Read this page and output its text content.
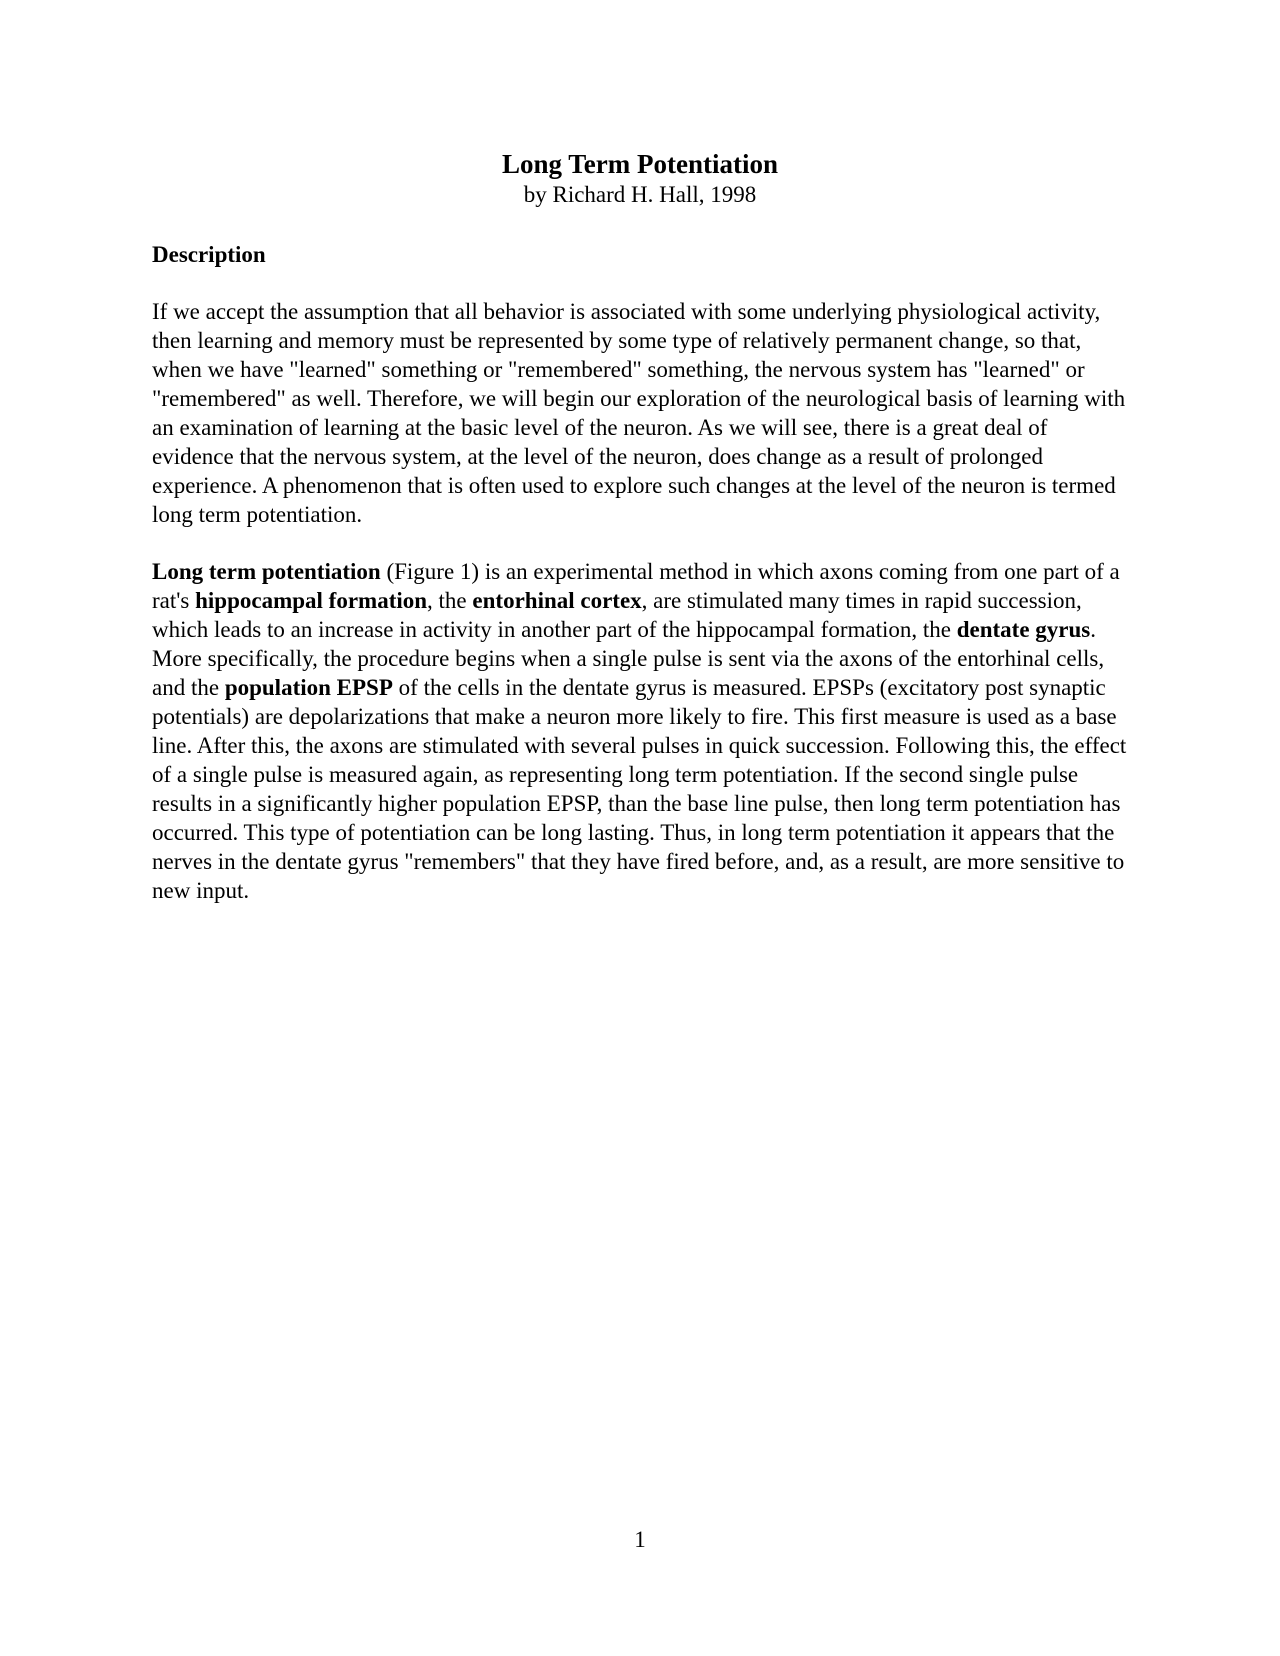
Long Term Potentiation

by Richard H. Hall, 1998

Description

If we accept the assumption that all behavior is associated with some underlying physiological activity, then learning and memory must be represented by some type of relatively permanent change, so that, when we have "learned" something or "remembered" something, the nervous system has "learned" or "remembered" as well. Therefore, we will begin our exploration of the neurological basis of learning with an examination of learning at the basic level of the neuron. As we will see, there is a great deal of evidence that the nervous system, at the level of the neuron, does change as a result of prolonged experience. A phenomenon that is often used to explore such changes at the level of the neuron is termed long term potentiation.

Long term potentiation (Figure 1) is an experimental method in which axons coming from one part of a rat's hippocampal formation, the entorhinal cortex, are stimulated many times in rapid succession, which leads to an increase in activity in another part of the hippocampal formation, the dentate gyrus. More specifically, the procedure begins when a single pulse is sent via the axons of the entorhinal cells, and the population EPSP of the cells in the dentate gyrus is measured. EPSPs (excitatory post synaptic potentials) are depolarizations that make a neuron more likely to fire. This first measure is used as a base line. After this, the axons are stimulated with several pulses in quick succession. Following this, the effect of a single pulse is measured again, as representing long term potentiation. If the second single pulse results in a significantly higher population EPSP, than the base line pulse, then long term potentiation has occurred. This type of potentiation can be long lasting. Thus, in long term potentiation it appears that the nerves in the dentate gyrus "remembers" that they have fired before, and, as a result, are more sensitive to new input.

1
